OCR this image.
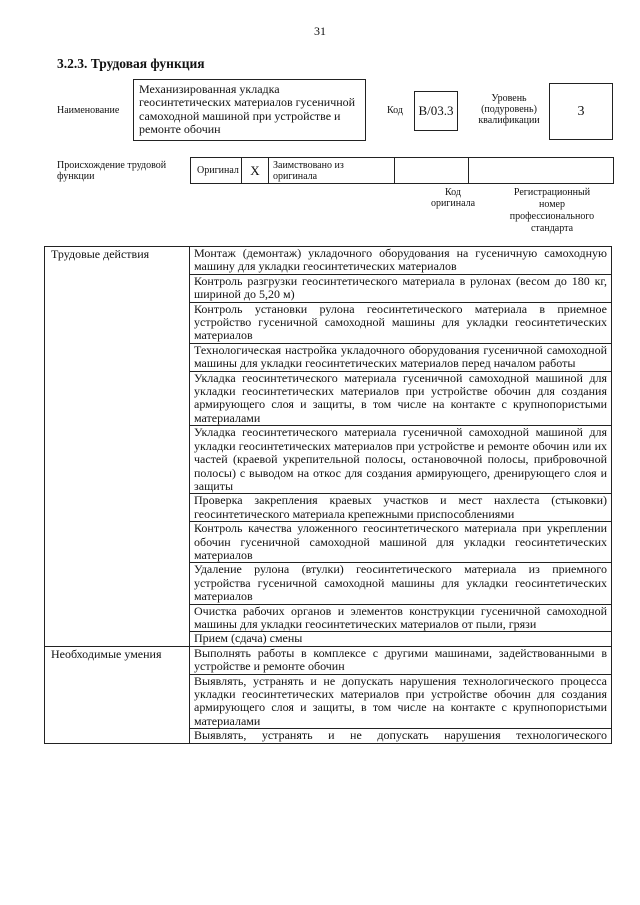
31
3.2.3. Трудовая функция
Наименование
Механизированная укладка геосинтетических материалов гусеничной самоходной машиной при устройстве и ремонте обочин
Код	B/03.3
Уровень
(подуровень)
квалификации
3
Происхождение трудовой
функции
Оригинал X	Заимствовано из
оригинала
Код
оригинала
Регистрационный
номер
профессионального
стандарта
Трудовые действия	Монтаж (демонтаж) укладочного оборудования на гусеничную самоходную машину для укладки геосинтетических материалов
	Контроль разгрузки геосинтетического материала в рулонах (весом до 180 кг, шириной до 5,20 м)
	Контроль установки рулона геосинтетического материала в приемное устройство гусеничной самоходной машины для укладки геосинтетических материалов
	Технологическая настройка укладочного оборудования гусеничной самоходной машины для укладки геосинтетических материалов перед началом работы
	Укладка геосинтетического материала гусеничной самоходной машиной для укладки геосинтетических материалов при устройстве обочин для создания армирующего слоя и защиты, в том числе на контакте с крупнопористыми материалами
	Укладка геосинтетического материала гусеничной самоходной машиной для укладки геосинтетических материалов при устройстве и ремонте обочин или их частей (краевой укрепительной полосы, остановочной полосы, прибровочной полосы) с выводом на откос для создания армирующего, дренирующего слоя и защиты
	Проверка закрепления краевых участков и мест нахлеста (стыковки) геосинтетического материала крепежными приспособлениями
	Контроль качества уложенного геосинтетического материала при укреплении обочин гусеничной самоходной машиной для укладки геосинтетических материалов
	Удаление рулона (втулки) геосинтетического материала из приемного устройства гусеничной самоходной машины для укладки геосинтетических материалов
	Очистка рабочих органов и элементов конструкции гусеничной самоходной машины для укладки геосинтетических материалов от пыли, грязи
	Прием (сдача) смены
Необходимые умения	Выполнять работы в комплексе с другими машинами, задействованными в устройстве и ремонте обочин
	Выявлять, устранять и не допускать нарушения технологического процесса укладки геосинтетических материалов при устройстве обочин для создания армирующего слоя и защиты, в том числе на контакте с крупнопористыми материалами
	Выявлять, устранять и не допускать нарушения технологического
